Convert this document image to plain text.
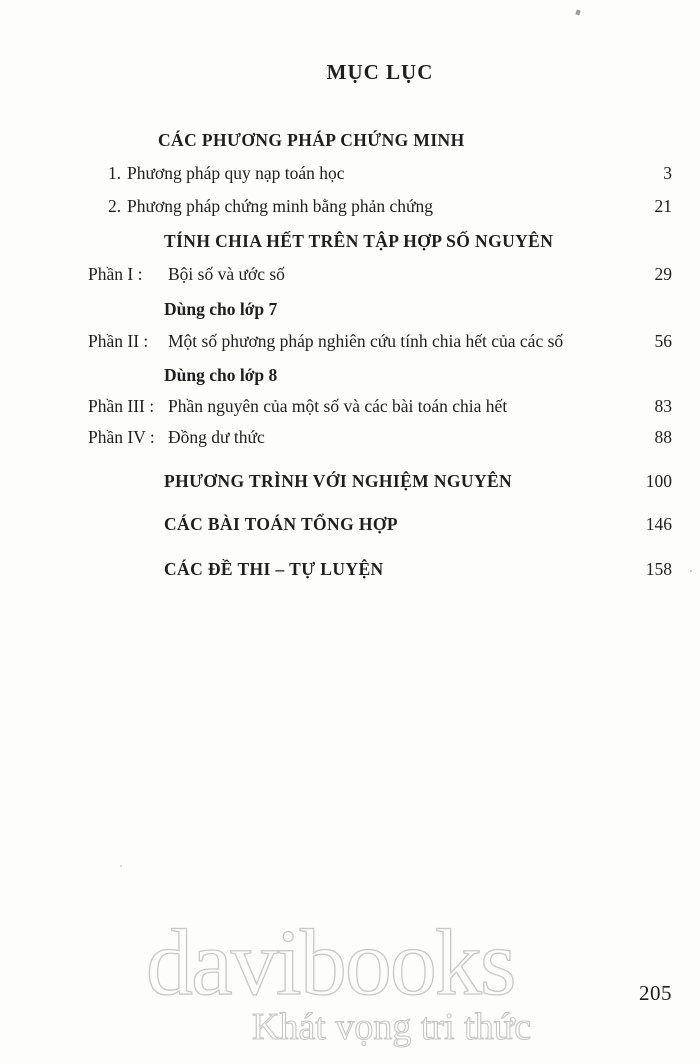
MỤC LỤC
CÁC PHƯƠNG PHÁP CHỨNG MINH
1. Phương pháp quy nạp toán học	3
2. Phương pháp chứng minh bằng phản chứng	21
TÍNH CHIA HẾT TRÊN TẬP HỢP SỐ NGUYÊN
Phần I :	Bội số và ước số	29
Dùng cho lớp 7
Phần II :	Một số phương pháp nghiên cứu tính chia hết của các số	56
Dùng cho lớp 8
Phần III : Phần nguyên của một số và các bài toán chia hết	83
Phần IV : Đồng dư thức	88
PHƯƠNG TRÌNH VỚI NGHIỆM NGUYÊN	100
CÁC BÀI TOÁN TỔNG HỢP	146
CÁC ĐỀ THI – TỰ LUYỆN	158
davibooks
Khát vọng tri thức
205
